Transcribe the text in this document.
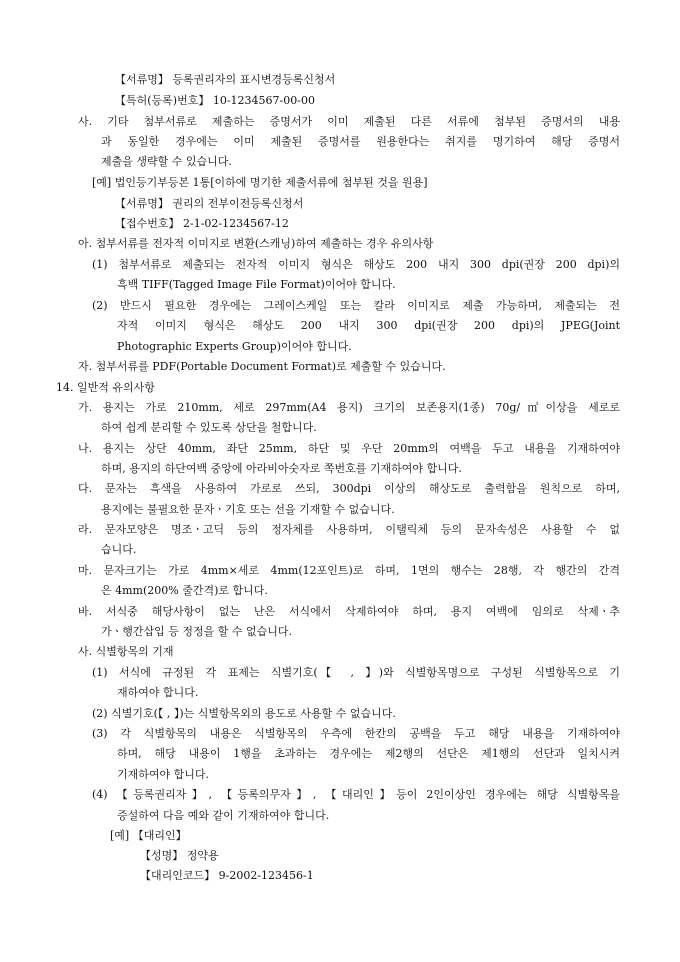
【서류명】 등록권리자의 표시변경등록신청서
【특허(등록)번호】 10-1234567-00-00
사. 기타 첨부서류로 제출하는 증명서가 이미 제출된 다른 서류에 첨부된 증명서의 내용
과 동일한 경우에는 이미 제출된 증명서를 원용한다는 취지를 명기하여 해당 증명서
제출을 생략할 수 있습니다.
[예] 법인등기부등본 1통[이하에 명기한 제출서류에 첨부된 것을 원용]
【서류명】 권리의 전부이전등록신청서
【접수번호】 2-1-02-1234567-12
아. 첨부서류를 전자적 이미지로 변환(스캐닝)하여 제출하는 경우 유의사항
(1) 첨부서류로 제출되는 전자적 이미지 형식은 해상도 200 내지 300 dpi(권장 200 dpi)의
흑백 TIFF(Tagged Image File Format)이어야 합니다.
(2) 반드시 필요한 경우에는 그레이스케일 또는 칼라 이미지로 제출 가능하며, 제출되는 전
자적 이미지 형식은 해상도 200 내지 300 dpi(권장 200 dpi)의 JPEG(Joint
Photographic Experts Group)이어야 합니다.
자. 첨부서류를 PDF(Portable Document Format)로 제출할 수 있습니다.
14. 일반적 유의사항
가. 용지는 가로 210mm, 세로 297mm(A4 용지) 크기의 보존용지(1종) 70g/㎡이상을 세로로
하여 쉽게 분리할 수 있도록 상단을 철합니다.
나. 용지는 상단 40mm, 좌단 25mm, 하단 및 우단 20mm의 여백을 두고 내용을 기재하여야
하며, 용지의 하단여백 중앙에 아라비아숫자로 쪽번호를 기재하여야 합니다.
다. 문자는 흑색을 사용하여 가로로 쓰되, 300dpi 이상의 해상도로 출력함을 원칙으로 하며,
용지에는 불필요한 문자ㆍ기호 또는 선을 기재할 수 없습니다.
라. 문자모양은 명조ㆍ고딕 등의 정자체를 사용하며, 이탤릭체 등의 문자속성은 사용할 수 없
습니다.
마. 문자크기는 가로 4mm×세로 4mm(12포인트)로 하며, 1면의 행수는 28행, 각 행간의 간격
은 4mm(200% 줄간격)로 합니다.
바. 서식중 해당사항이 없는 난은 서식에서 삭제하여야 하며, 용지 여백에 임의로 삭제ㆍ추
가ㆍ행간삽입 등 정정을 할 수 없습니다.
사. 식별항목의 기재
(1) 서식에 규정된 각 표제는 식별기호(【 , 】)와 식별항목명으로 구성된 식별항목으로 기
재하여야 합니다.
(2) 식별기호(【 , 】)는 식별항목외의 용도로 사용할 수 없습니다.
(3) 각 식별항목의 내용은 식별항목의 우측에 한칸의 공백을 두고 해당 내용을 기재하여야
하며, 해당 내용이 1행을 초과하는 경우에는 제2행의 선단은 제1행의 선단과 일치시켜
기재하여야 합니다.
(4) 【등록권리자】, 【등록의무자】, 【대리인】등이 2인이상인 경우에는 해당 식별항목을
증설하여 다음 예와 같이 기재하여야 합니다.
[예] 【대리인】
【성명】 정약용
【대리인코드】 9-2002-123456-1
